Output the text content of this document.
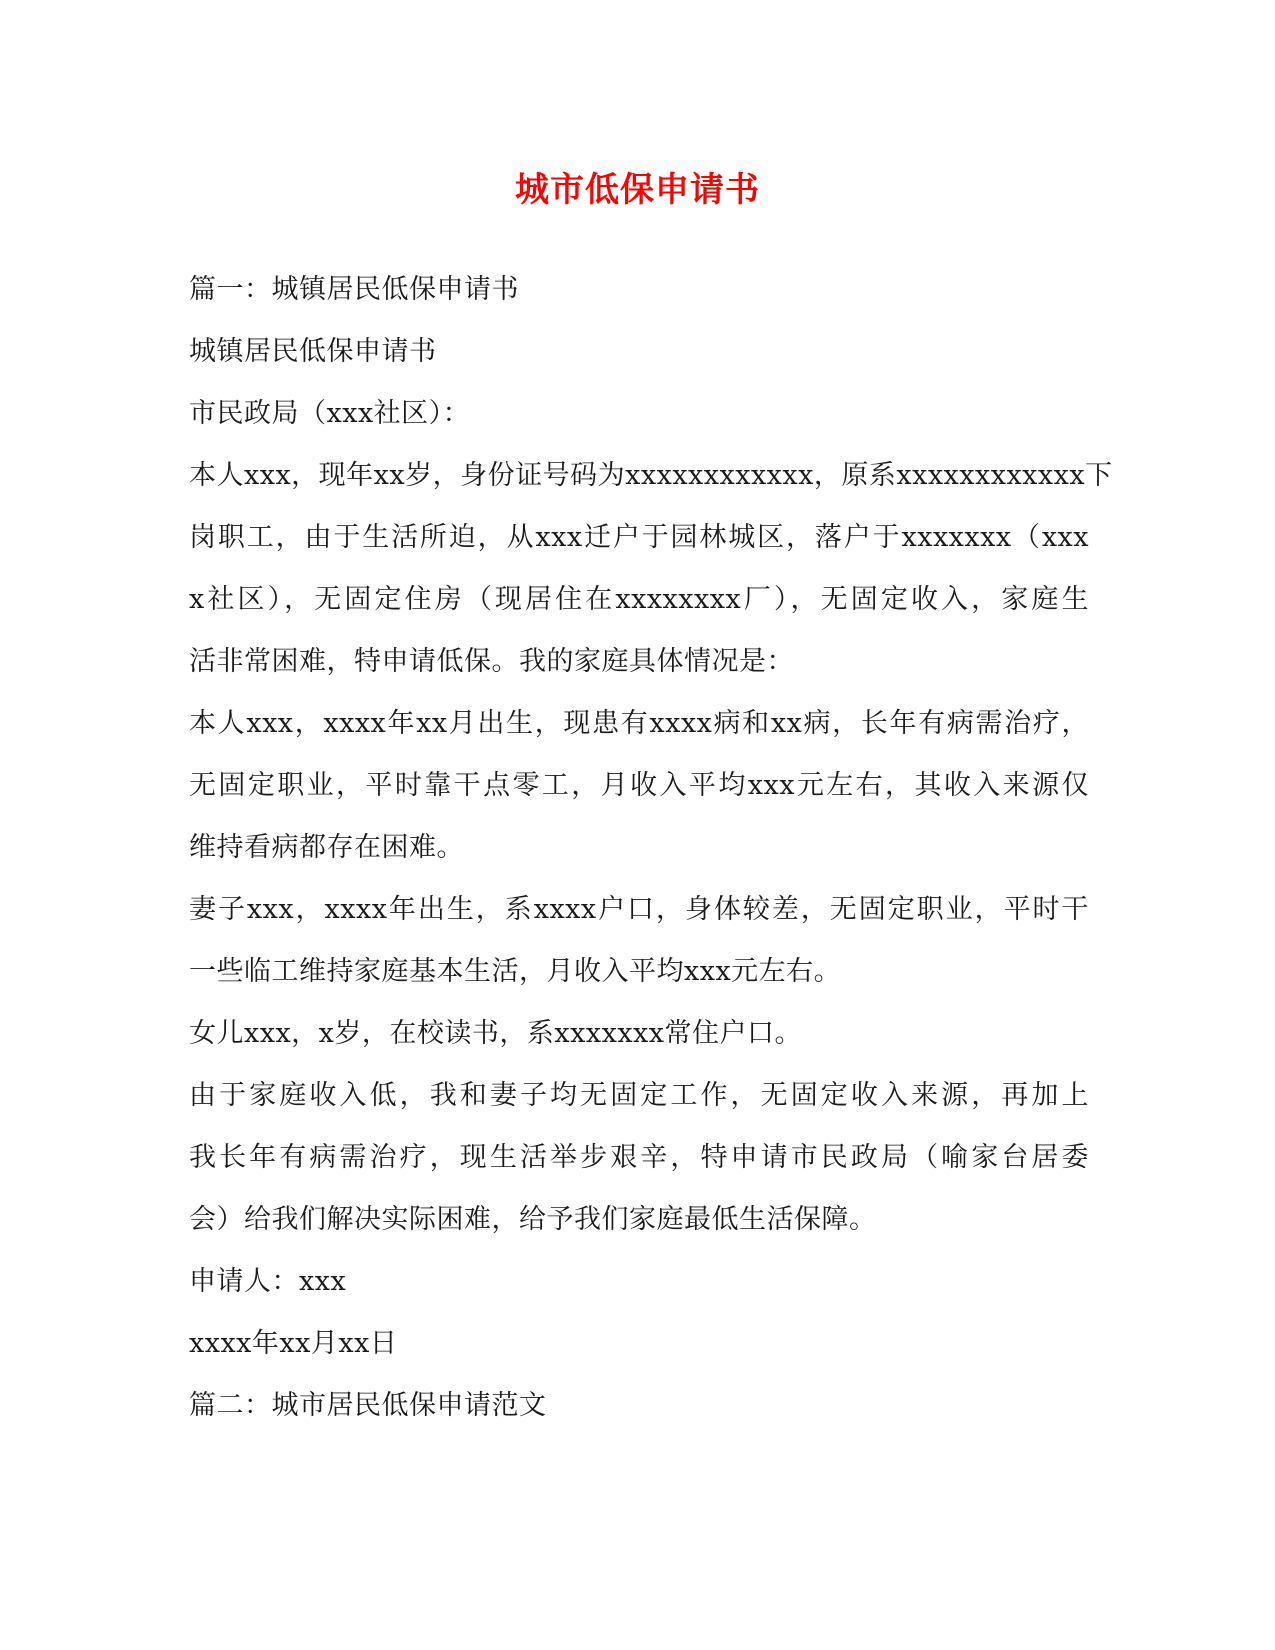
城市低保申请书
篇一：城镇居民低保申请书
城镇居民低保申请书
市民政局（xxx社区）：
本人xxx，现年xx岁，身份证号码为xxxxxxxxxxxx，原系xxxxxxxxxxxx下
岗职工，由于生活所迫，从xxx迁户于园林城区，落户于xxxxxxx（xxx
x社区），无固定住房（现居住在xxxxxxxx厂），无固定收入，家庭生
活非常困难，特申请低保。我的家庭具体情况是：
本人xxx，xxxx年xx月出生，现患有xxxx病和xx病，长年有病需治疗，
无固定职业，平时靠干点零工，月收入平均xxx元左右，其收入来源仅
维持看病都存在困难。
妻子xxx，xxxx年出生，系xxxx户口，身体较差，无固定职业，平时干
一些临工维持家庭基本生活，月收入平均xxx元左右。
女儿xxx，x岁，在校读书，系xxxxxxx常住户口。
由于家庭收入低，我和妻子均无固定工作，无固定收入来源，再加上
我长年有病需治疗，现生活举步艰辛，特申请市民政局（喻家台居委
会）给我们解决实际困难，给予我们家庭最低生活保障。
申请人：xxx
xxxx年xx月xx日
篇二：城市居民低保申请范文
